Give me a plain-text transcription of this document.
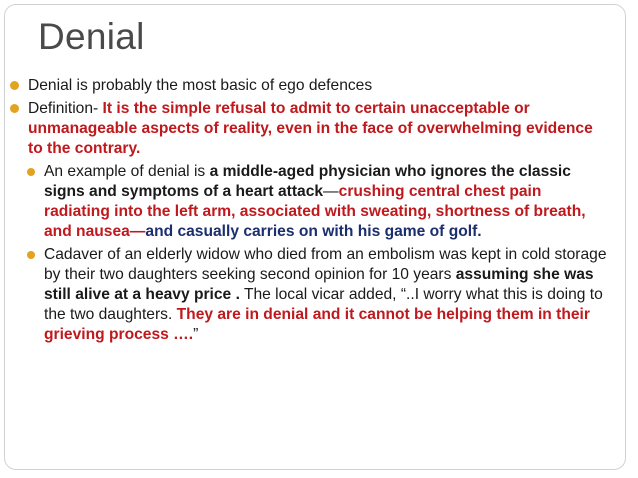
Denial
Denial is probably the most basic of ego defences
Definition- It is the simple refusal to admit to certain unacceptable or unmanageable aspects of reality, even in the face of overwhelming evidence to the contrary.
An example of denial is a middle-aged physician who ignores the classic signs and symptoms of a heart attack—crushing central chest pain radiating into the left arm, associated with sweating, shortness of breath, and nausea—and casually carries on with his game of golf.
Cadaver of an elderly widow who died from an embolism was kept in cold storage by their two daughters seeking second opinion for 10 years assuming she was still alive at a heavy price . The local vicar added, “..I worry what this is doing to the two daughters. They are in denial and it cannot be helping them in their grieving process ….”
